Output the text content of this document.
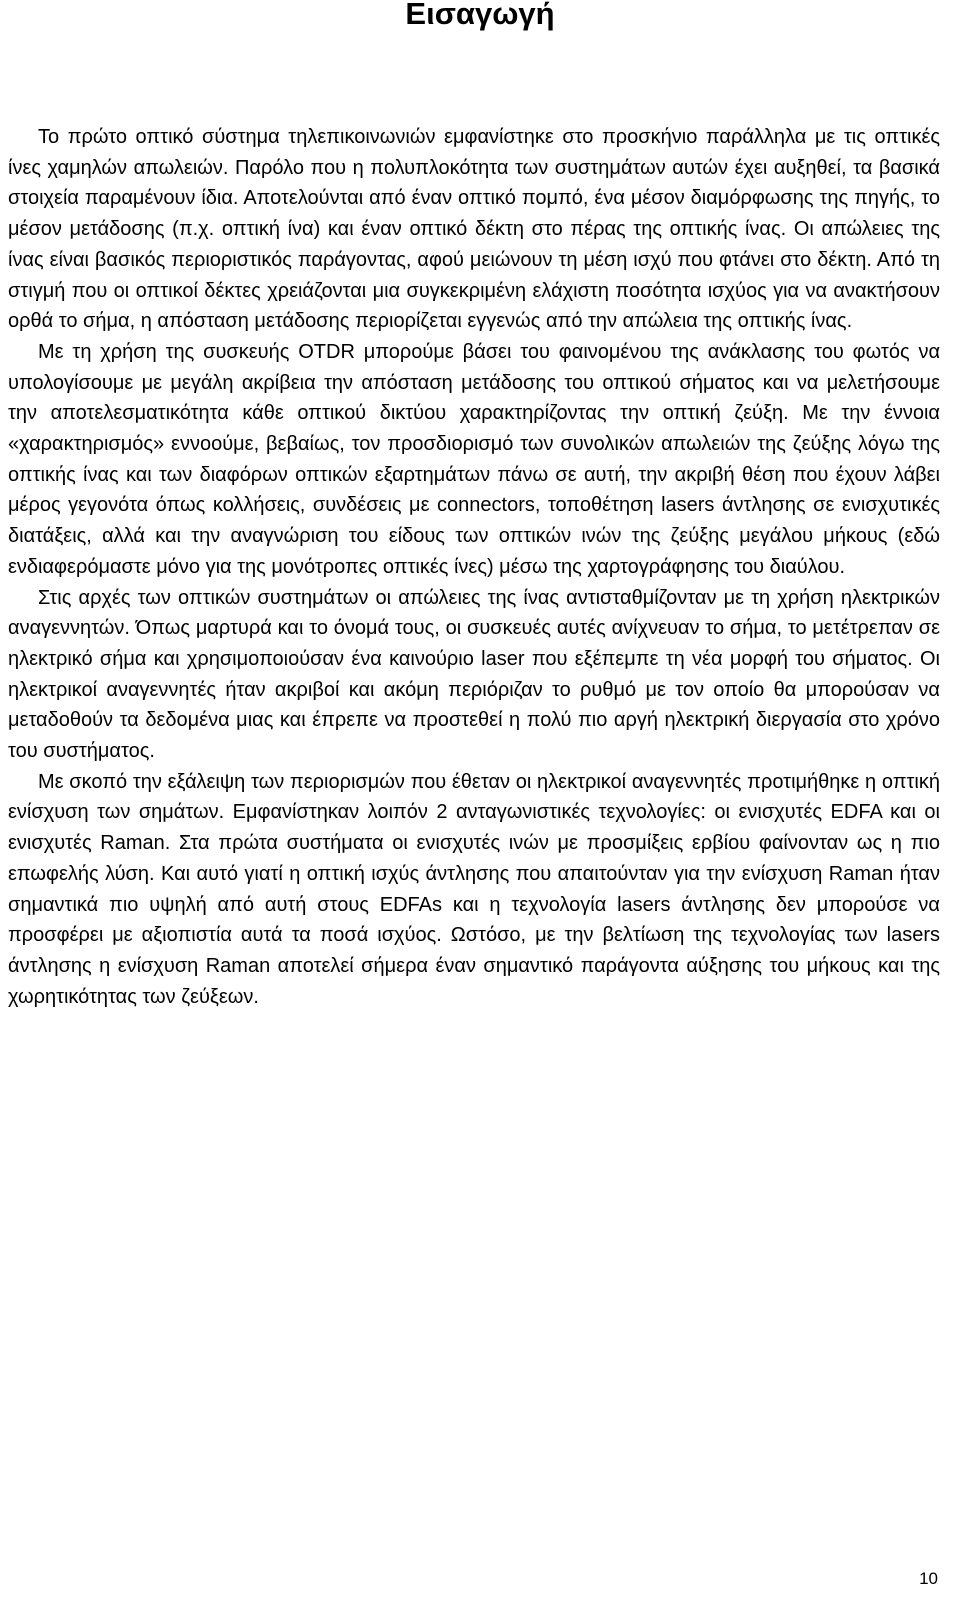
Εισαγωγή

Το πρώτο οπτικό σύστημα τηλεπικοινωνιών εμφανίστηκε στο προσκήνιο παράλληλα με τις οπτικές ίνες χαμηλών απωλειών. Παρόλο που η πολυπλοκότητα των συστημάτων αυτών έχει αυξηθεί, τα βασικά στοιχεία παραμένουν ίδια. Αποτελούνται από έναν οπτικό πομπό, ένα μέσον διαμόρφωσης της πηγής, το μέσον μετάδοσης (π.χ. οπτική ίνα) και έναν οπτικό δέκτη στο πέρας της οπτικής ίνας. Οι απώλειες της ίνας είναι βασικός περιοριστικός παράγοντας, αφού μειώνουν τη μέση ισχύ που φτάνει στο δέκτη. Από τη στιγμή που οι οπτικοί δέκτες χρειάζονται μια συγκεκριμένη ελάχιστη ποσότητα ισχύος για να ανακτήσουν ορθά το σήμα, η απόσταση μετάδοσης περιορίζεται εγγενώς από την απώλεια της οπτικής ίνας.

Με τη χρήση της συσκευής OTDR μπορούμε βάσει του φαινομένου της ανάκλασης του φωτός να υπολογίσουμε με μεγάλη ακρίβεια την απόσταση μετάδοσης του οπτικού σήματος και να μελετήσουμε την αποτελεσματικότητα κάθε οπτικού δικτύου χαρακτηρίζοντας την οπτική ζεύξη. Με την έννοια «χαρακτηρισμός» εννοούμε, βεβαίως, τον προσδιορισμό των συνολικών απωλειών της ζεύξης λόγω της οπτικής ίνας και των διαφόρων οπτικών εξαρτημάτων πάνω σε αυτή, την ακριβή θέση που έχουν λάβει μέρος γεγονότα όπως κολλήσεις, συνδέσεις με connectors, τοποθέτηση lasers άντλησης σε ενισχυτικές διατάξεις, αλλά και την αναγνώριση του είδους των οπτικών ινών της ζεύξης μεγάλου μήκους (εδώ ενδιαφερόμαστε μόνο για της μονότροπες οπτικές ίνες) μέσω της χαρτογράφησης του διαύλου.

Στις αρχές των οπτικών συστημάτων οι απώλειες της ίνας αντισταθμίζονταν με τη χρήση ηλεκτρικών αναγεννητών. Όπως μαρτυρά και το όνομά τους, οι συσκευές αυτές ανίχνευαν το σήμα, το μετέτρεπαν σε ηλεκτρικό σήμα και χρησιμοποιούσαν ένα καινούριο laser που εξέπεμπε τη νέα μορφή του σήματος. Οι ηλεκτρικοί αναγεννητές ήταν ακριβοί και ακόμη περιόριζαν το ρυθμό με τον οποίο θα μπορούσαν να μεταδοθούν τα δεδομένα μιας και έπρεπε να προστεθεί η πολύ πιο αργή ηλεκτρική διεργασία στο χρόνο του συστήματος.

Με σκοπό την εξάλειψη των περιορισμών που έθεταν οι ηλεκτρικοί αναγεννητές προτιμήθηκε η οπτική ενίσχυση των σημάτων. Εμφανίστηκαν λοιπόν 2 ανταγωνιστικές τεχνολογίες: οι ενισχυτές EDFA και οι ενισχυτές Raman. Στα πρώτα συστήματα οι ενισχυτές ινών με προσμίξεις ερβίου φαίνονταν ως η πιο επωφελής λύση. Και αυτό γιατί η οπτική ισχύς άντλησης που απαιτούνταν για την ενίσχυση Raman ήταν σημαντικά πιο υψηλή από αυτή στους EDFAs και η τεχνολογία lasers άντλησης δεν μπορούσε να προσφέρει με αξιοπιστία αυτά τα ποσά ισχύος. Ωστόσο, με την βελτίωση της τεχνολογίας των lasers άντλησης η ενίσχυση Raman αποτελεί σήμερα έναν σημαντικό παράγοντα αύξησης του μήκους και της χωρητικότητας των ζεύξεων.

10
